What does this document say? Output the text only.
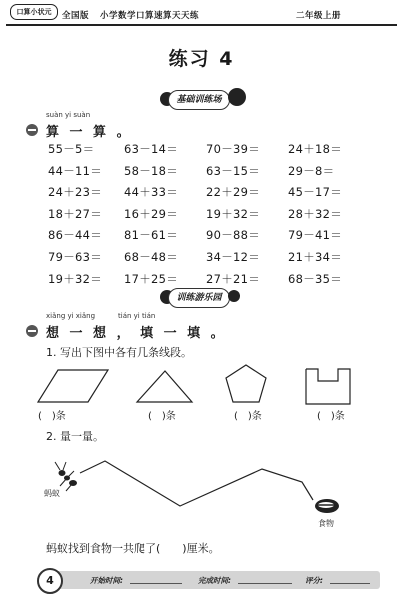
口算小状元	全国版 小学数学口算速算天天练	二年级上册
练习 4
基础训练场
suàn yi suàn
算 一 算 。
55－5＝	63－14＝ 70－39＝ 24＋18＝
44－11＝ 58－18＝ 63－15＝ 29－8＝
24＋23＝ 44＋33＝ 22＋29＝ 45－17＝
18＋27＝ 16＋29＝ 19＋32＝ 28＋32＝
86－44＝ 81－61＝ 90－88＝ 79－41＝
79－63＝ 68－48＝ 34－12＝ 21＋34＝
19＋32＝ 17＋25＝ 27＋21＝ 68－35＝
训练游乐园
xiǎng yi xiǎng	tián yi tián
想 一 想 ， 填 一 填 。
1. 写出下图中各有几条线段。
(　)条	(　)条	(　)条	(　)条
2. 量一量。
蚂蚁
食物
蚂蚁找到食物一共爬了(　　)厘米。
4	开始时间:	完成时间:	评分:
